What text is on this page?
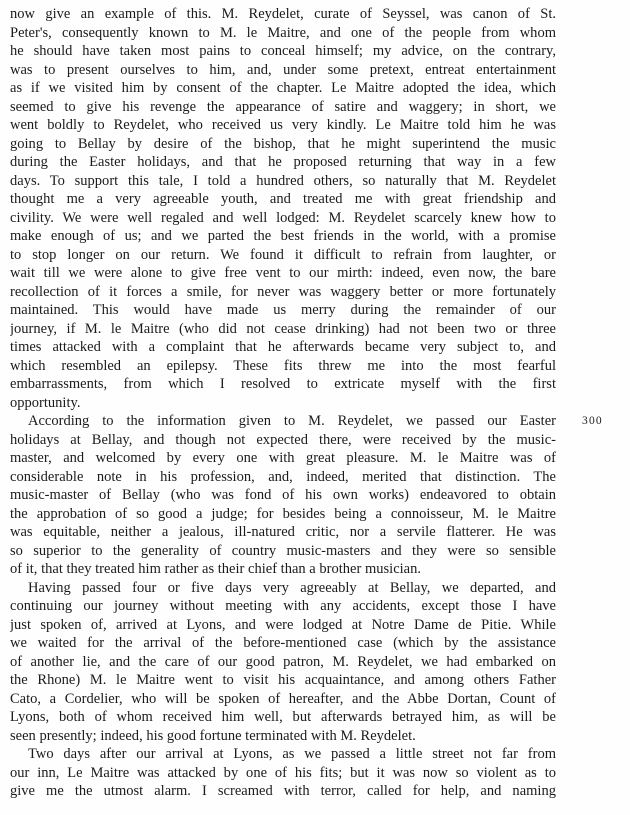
now give an example of this. M. Reydelet, curate of Seyssel, was canon of St.
Peter's, consequently known to M. le Maitre, and one of the people from whom
he should have taken most pains to conceal himself; my advice, on the contrary,
was to present ourselves to him, and, under some pretext, entreat entertainment
as if we visited him by consent of the chapter. Le Maitre adopted the idea, which
seemed to give his revenge the appearance of satire and waggery; in short, we
went boldly to Reydelet, who received us very kindly. Le Maitre told him he was
going to Bellay by desire of the bishop, that he might superintend the music
during the Easter holidays, and that he proposed returning that way in a few
days. To support this tale, I told a hundred others, so naturally that M. Reydelet
thought me a very agreeable youth, and treated me with great friendship and
civility. We were well regaled and well lodged: M. Reydelet scarcely knew how to
make enough of us; and we parted the best friends in the world, with a promise
to stop longer on our return. We found it difficult to refrain from laughter, or
wait till we were alone to give free vent to our mirth: indeed, even now, the bare
recollection of it forces a smile, for never was waggery better or more fortunately
maintained. This would have made us merry during the remainder of our
journey, if M. le Maitre (who did not cease drinking) had not been two or three
times attacked with a complaint that he afterwards became very subject to, and
which resembled an epilepsy. These fits threw me into the most fearful
embarrassments, from which I resolved to extricate myself with the first
opportunity.
According to the information given to M. Reydelet, we passed our Easter
holidays at Bellay, and though not expected there, were received by the music-
master, and welcomed by every one with great pleasure. M. le Maitre was of
considerable note in his profession, and, indeed, merited that distinction. The
music-master of Bellay (who was fond of his own works) endeavored to obtain
the approbation of so good a judge; for besides being a connoisseur, M. le Maitre
was equitable, neither a jealous, ill-natured critic, nor a servile flatterer. He was
so superior to the generality of country music-masters and they were so sensible
of it, that they treated him rather as their chief than a brother musician.
Having passed four or five days very agreeably at Bellay, we departed, and
continuing our journey without meeting with any accidents, except those I have
just spoken of, arrived at Lyons, and were lodged at Notre Dame de Pitie. While
we waited for the arrival of the before-mentioned case (which by the assistance
of another lie, and the care of our good patron, M. Reydelet, we had embarked on
the Rhone) M. le Maitre went to visit his acquaintance, and among others Father
Cato, a Cordelier, who will be spoken of hereafter, and the Abbe Dortan, Count of
Lyons, both of whom received him well, but afterwards betrayed him, as will be
seen presently; indeed, his good fortune terminated with M. Reydelet.
Two days after our arrival at Lyons, as we passed a little street not far from
our inn, Le Maitre was attacked by one of his fits; but it was now so violent as to
give me the utmost alarm. I screamed with terror, called for help, and naming
300
